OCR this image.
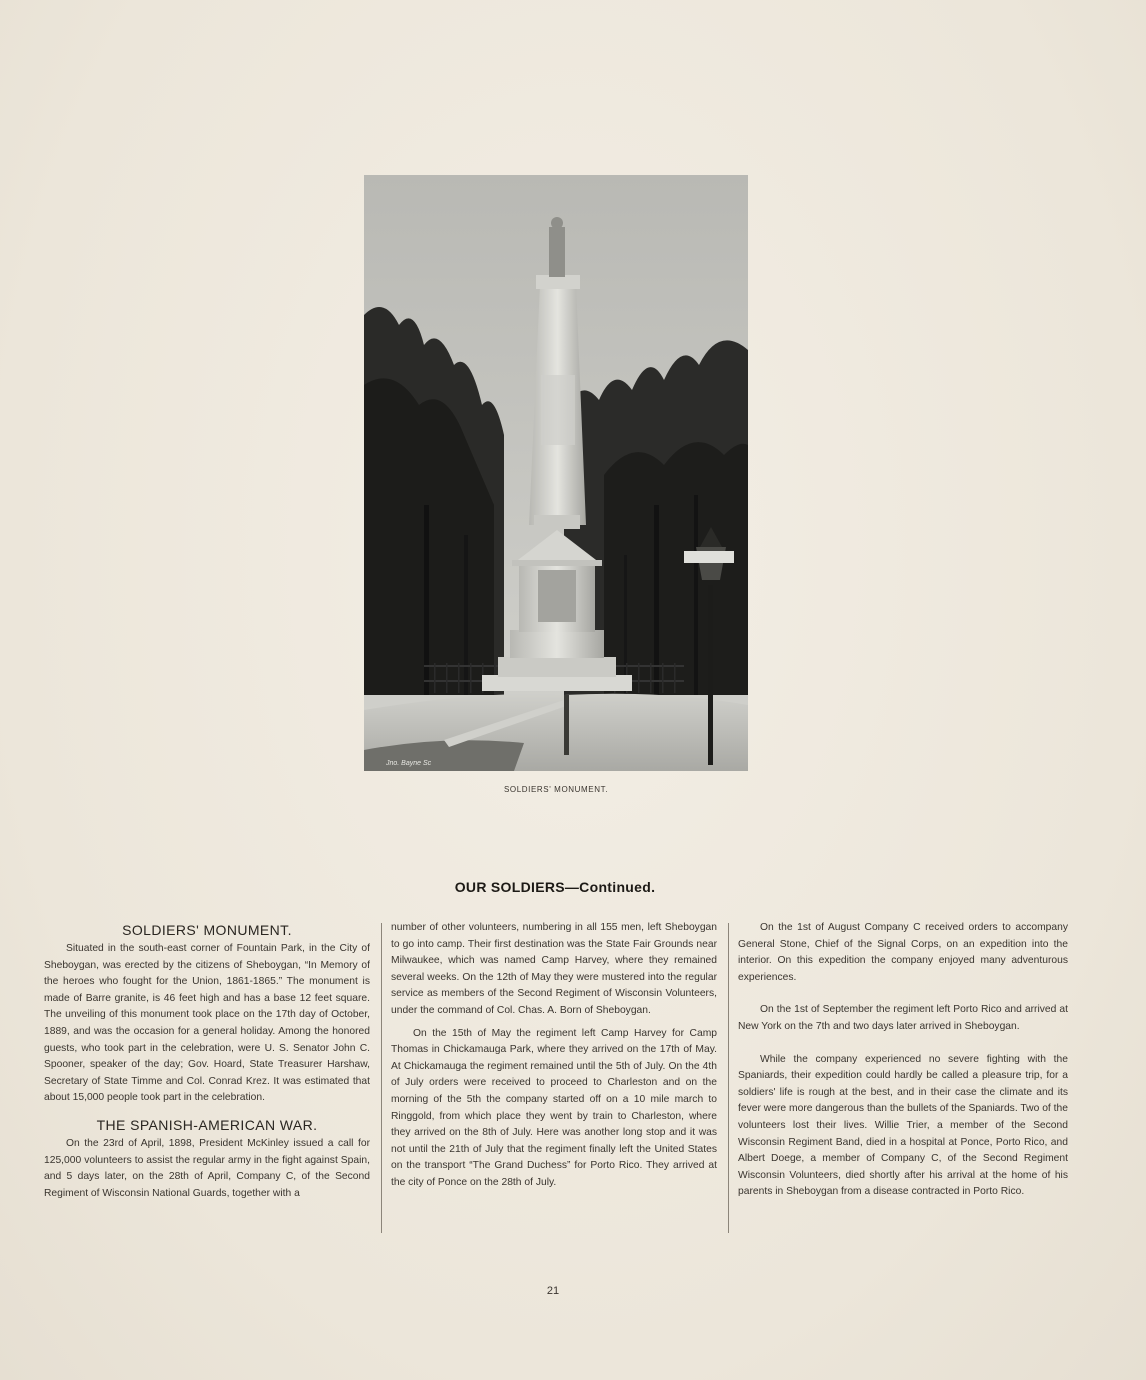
Jno. Bayne Sc
SOLDIERS' MONUMENT.
OUR SOLDIERS—Continued.
SOLDIERS' MONUMENT.

Situated in the south-east corner of Fountain Park, in the City of Sheboygan, was erected by the citizens of Sheboygan, “In Memory of the heroes who fought for the Union, 1861-1865.” The monument is made of Barre granite, is 46 feet high and has a base 12 feet square. The unveiling of this monument took place on the 17th day of October, 1889, and was the occasion for a general holiday. Among the honored guests, who took part in the celebration, were U. S. Senator John C. Spooner, speaker of the day; Gov. Hoard, State Treasurer Harshaw, Secretary of State Timme and Col. Conrad Krez. It was estimated that about 15,000 people took part in the celebration.

THE SPANISH-AMERICAN WAR.

On the 23rd of April, 1898, President McKinley issued a call for 125,000 volunteers to assist the regular army in the fight against Spain, and 5 days later, on the 28th of April, Company C, of the Second Regiment of Wisconsin National Guards, together with a

number of other volunteers, numbering in all 155 men, left Sheboygan to go into camp. Their first destination was the State Fair Grounds near Milwaukee, which was named Camp Harvey, where they remained several weeks. On the 12th of May they were mustered into the regular service as members of the Second Regiment of Wisconsin Volunteers, under the command of Col. Chas. A. Born of Sheboygan.

On the 15th of May the regiment left Camp Harvey for Camp Thomas in Chickamauga Park, where they arrived on the 17th of May. At Chickamauga the regiment remained until the 5th of July. On the 4th of July orders were received to proceed to Charleston and on the morning of the 5th the company started off on a 10 mile march to Ringgold, from which place they went by train to Charleston, where they arrived on the 8th of July. Here was another long stop and it was not until the 21th of July that the regiment finally left the United States on the transport “The Grand Duchess” for Porto Rico. They arrived at the city of Ponce on the 28th of July.

On the 1st of August Company C received orders to accompany General Stone, Chief of the Signal Corps, on an expedition into the interior. On this expedition the company enjoyed many adventurous experiences.

On the 1st of September the regiment left Porto Rico and arrived at New York on the 7th and two days later arrived in Sheboygan.

While the company experienced no severe fighting with the Spaniards, their expedition could hardly be called a pleasure trip, for a soldiers' life is rough at the best, and in their case the climate and its fever were more dangerous than the bullets of the Spaniards. Two of the volunteers lost their lives. Willie Trier, a member of the Second Wisconsin Regiment Band, died in a hospital at Ponce, Porto Rico, and Albert Doege, a member of Company C, of the Second Regiment Wisconsin Volunteers, died shortly after his arrival at the home of his parents in Sheboygan from a disease contracted in Porto Rico.

21
